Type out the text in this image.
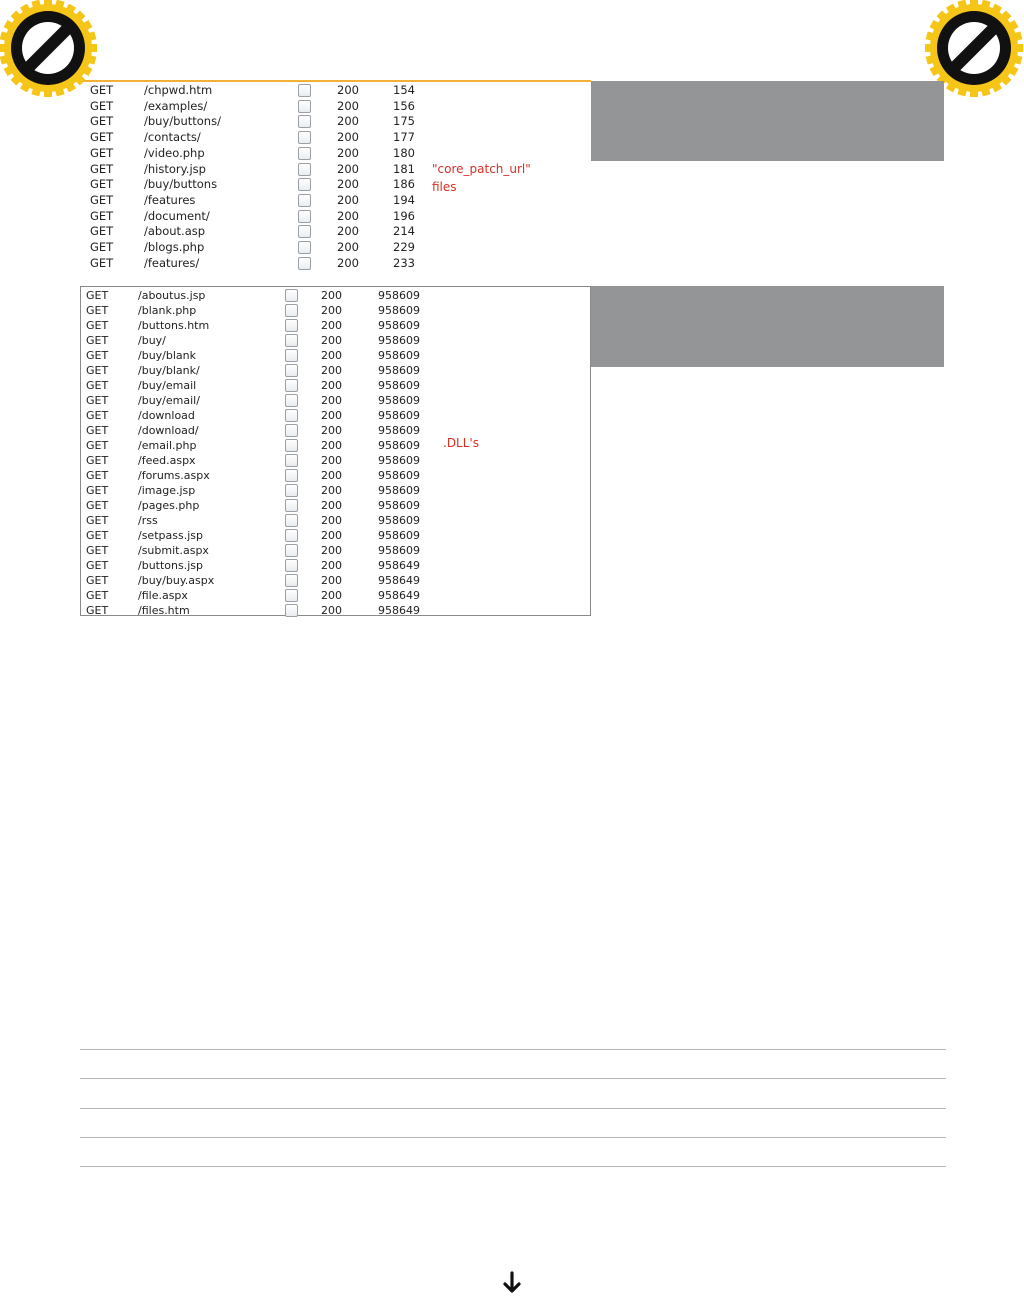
GET	/chpwd.htm	200	154
GET	/examples/	200	156
GET	/buy/buttons/	200	175
GET	/contacts/	200	177
GET	/video.php	200	180
GET	/history.jsp	200	181
GET	/buy/buttons	200	186
GET	/features	200	194
GET	/document/	200	196
GET	/about.asp	200	214
GET	/blogs.php	200	229
GET	/features/	200	233
"core_patch_url"
files
GET	/aboutus.jsp	200	958609
GET	/blank.php	200	958609
GET	/buttons.htm	200	958609
GET	/buy/	200	958609
GET	/buy/blank	200	958609
GET	/buy/blank/	200	958609
GET	/buy/email	200	958609
GET	/buy/email/	200	958609
GET	/download	200	958609
GET	/download/	200	958609
GET	/email.php	200	958609
GET	/feed.aspx	200	958609
GET	/forums.aspx	200	958609
GET	/image.jsp	200	958609
GET	/pages.php	200	958609
GET	/rss	200	958609
GET	/setpass.jsp	200	958609
GET	/submit.aspx	200	958609
GET	/buttons.jsp	200	958649
GET	/buy/buy.aspx	200	958649
GET	/file.aspx	200	958649
GET	/files.htm	200	958649
.DLL's
